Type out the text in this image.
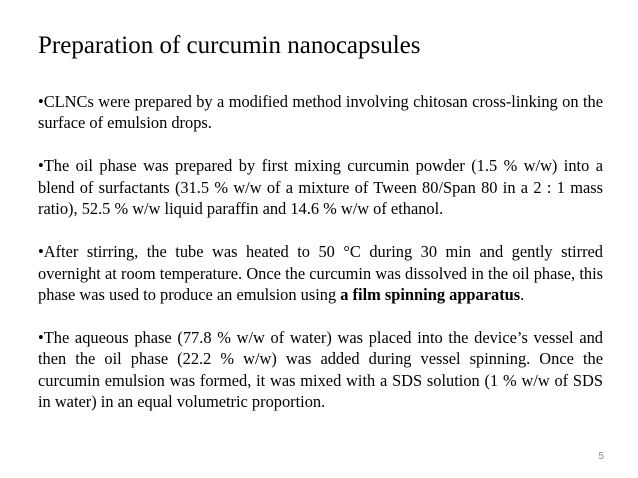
Preparation of curcumin nanocapsules

•CLNCs were prepared by a modified method involving chitosan cross-linking on the surface of emulsion drops.

•The oil phase was prepared by first mixing curcumin powder (1.5 % w/w) into a blend of surfactants (31.5 % w/w of a mixture of Tween 80/Span 80 in a 2 : 1 mass ratio), 52.5 % w/w liquid paraffin and 14.6 % w/w of ethanol.

•After stirring, the tube was heated to 50 °C during 30 min and gently stirred overnight at room temperature. Once the curcumin was dissolved in the oil phase, this phase was used to produce an emulsion using a film spinning apparatus.

•The aqueous phase (77.8 % w/w of water) was placed into the device’s vessel and then the oil phase (22.2 % w/w) was added during vessel spinning. Once the curcumin emulsion was formed, it was mixed with a SDS solution (1 % w/w of SDS in water) in an equal volumetric proportion.

5
